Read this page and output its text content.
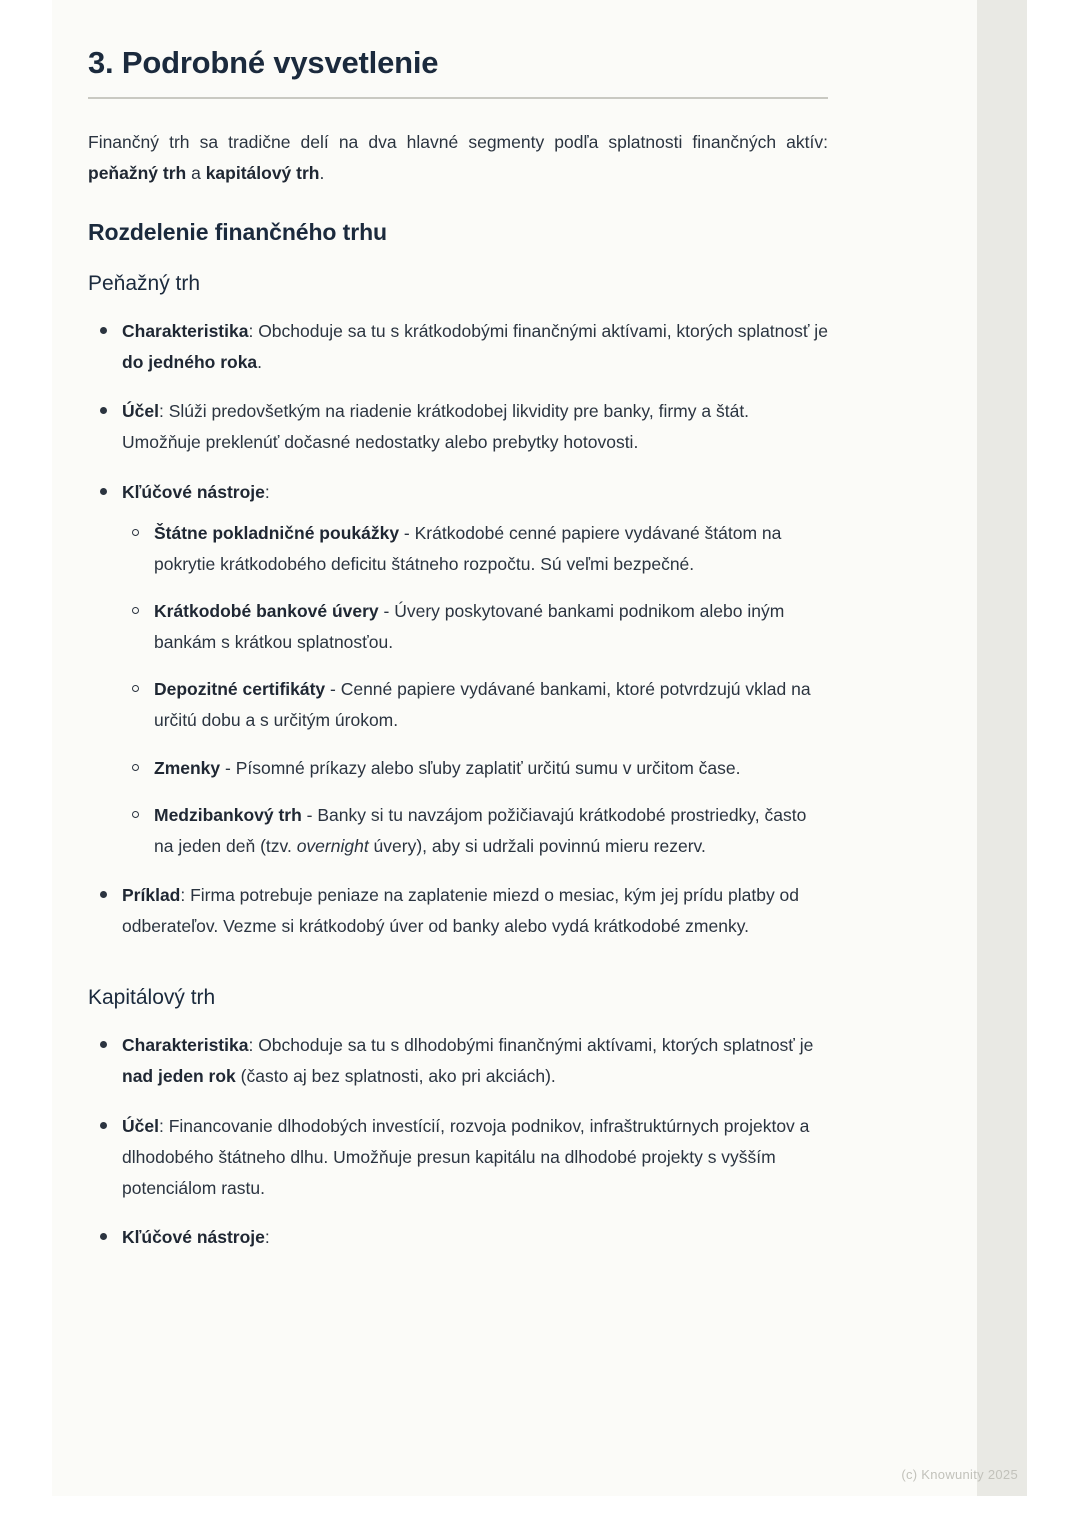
3. Podrobné vysvetlenie

Finančný trh sa tradične delí na dva hlavné segmenty podľa splatnosti finančných aktív: peňažný trh a kapitálový trh.

Rozdelenie finančného trhu
Peňažný trh
Charakteristika: Obchoduje sa tu s krátkodobými finančnými aktívami, ktorých splatnosť je do jedného roka.
Účel: Slúži predovšetkým na riadenie krátkodobej likvidity pre banky, firmy a štát. Umožňuje preklenúť dočasné nedostatky alebo prebytky hotovosti.
Kľúčové nástroje:
Štátne pokladničné poukážky - Krátkodobé cenné papiere vydávané štátom na pokrytie krátkodobého deficitu štátneho rozpočtu. Sú veľmi bezpečné.
Krátkodobé bankové úvery - Úvery poskytované bankami podnikom alebo iným bankám s krátkou splatnosťou.
Depozitné certifikáty - Cenné papiere vydávané bankami, ktoré potvrdzujú vklad na určitú dobu a s určitým úrokom.
Zmenky - Písomné príkazy alebo sľuby zaplatiť určitú sumu v určitom čase.
Medzibankový trh - Banky si tu navzájom požičiavajú krátkodobé prostriedky, často na jeden deň (tzv. overnight úvery), aby si udržali povinnú mieru rezerv.
Príklad: Firma potrebuje peniaze na zaplatenie miezd o mesiac, kým jej prídu platby od odberateľov. Vezme si krátkodobý úver od banky alebo vydá krátkodobé zmenky.
Kapitálový trh
Charakteristika: Obchoduje sa tu s dlhodobými finančnými aktívami, ktorých splatnosť je nad jeden rok (často aj bez splatnosti, ako pri akciách).
Účel: Financovanie dlhodobých investícií, rozvoja podnikov, infraštruktúrnych projektov a dlhodobého štátneho dlhu. Umožňuje presun kapitálu na dlhodobé projekty s vyšším potenciálom rastu.
Kľúčové nástroje:
(c) Knowunity 2025
